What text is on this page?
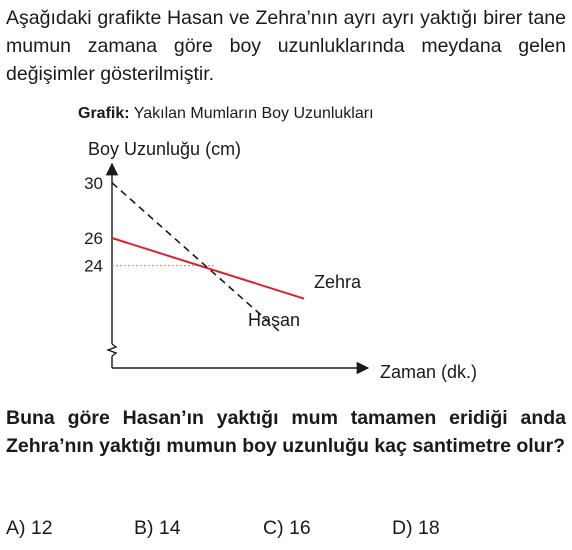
Aşağıdaki grafikte Hasan ve Zehra’nın ayrı ayrı yaktığı birer tane mumun zamana göre boy uzunluklarında meydana gelen değişimler gösterilmiştir.
Grafik: Yakılan Mumların Boy Uzunlukları
Boy Uzunluğu (cm)
Zaman (dk.)
30
26
24
Zehra
Hasan
Buna göre Hasan’ın yaktığı mum tamamen eridiği anda Zehra’nın yaktığı mumun boy uzunluğu kaç santimetre olur?
A) 12	B) 14	C) 16	D) 18
